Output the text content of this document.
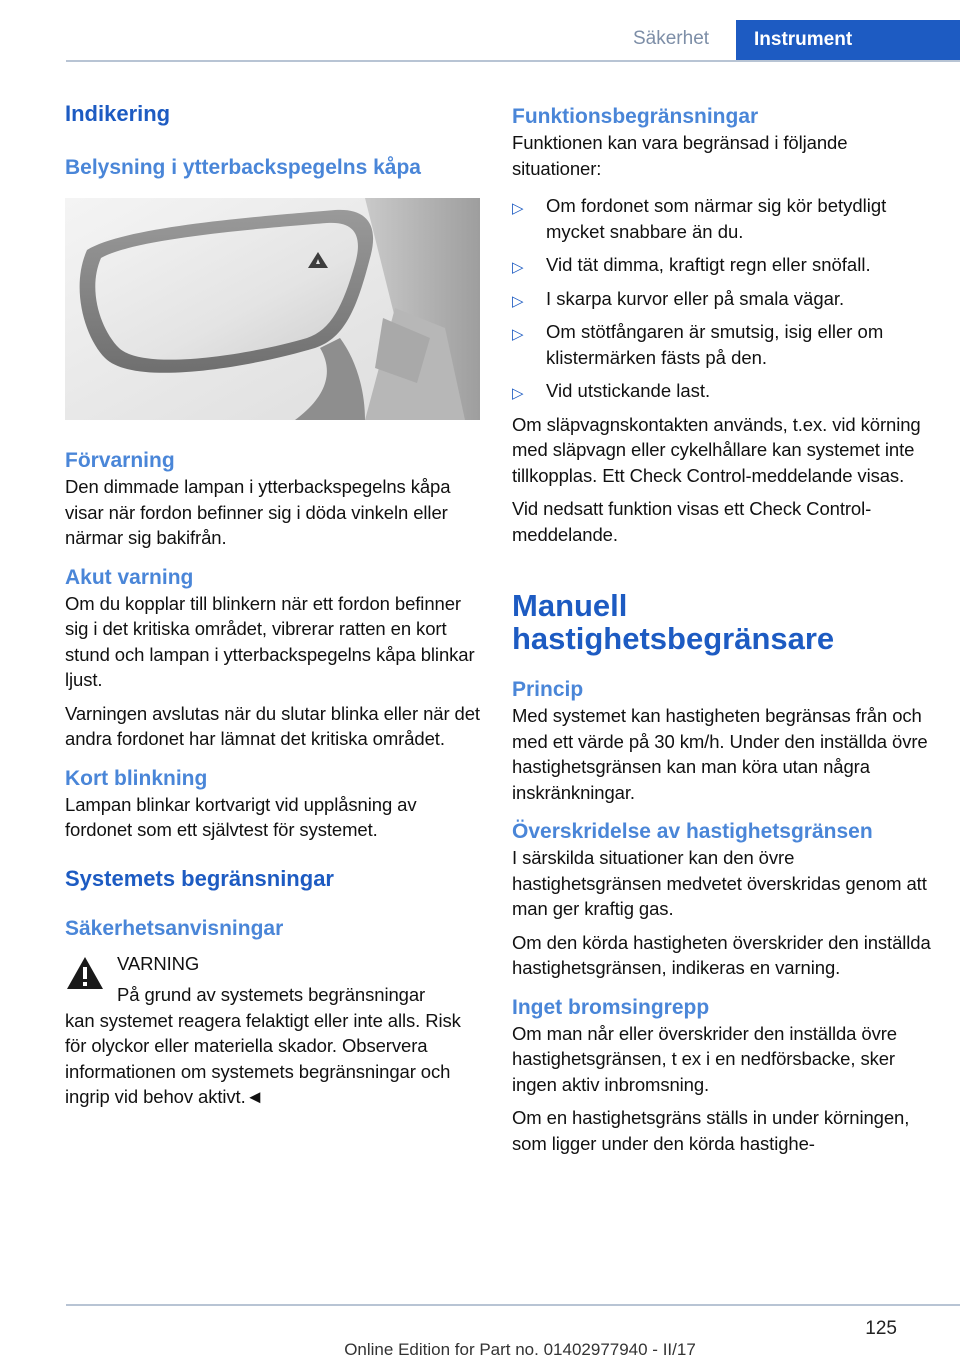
Säkerhet	Instrument
Indikering
Belysning i ytterbackspegelns kåpa
Förvarning
Den dimmade lampan i ytterbackspegelns kåpa visar när fordon befinner sig i döda vinkeln eller närmar sig bakifrån.
Akut varning
Om du kopplar till blinkern när ett fordon befinner sig i det kritiska området, vibrerar ratten en kort stund och lampan i ytterbackspegelns kåpa blinkar ljust.
Varningen avslutas när du slutar blinka eller när det andra fordonet har lämnat det kritiska området.
Kort blinkning
Lampan blinkar kortvarigt vid upplåsning av fordonet som ett självtest för systemet.
Systemets begränsningar
Säkerhetsanvisningar
VARNING
På grund av systemets begränsningar
kan systemet reagera felaktigt eller inte alls. Risk för olyckor eller materiella skador. Observera informationen om systemets begränsningar och ingrip vid behov aktivt.◄
Funktionsbegränsningar
Funktionen kan vara begränsad i följande situationer:
▷ Om fordonet som närmar sig kör betydligt mycket snabbare än du.
▷ Vid tät dimma, kraftigt regn eller snöfall.
▷ I skarpa kurvor eller på smala vägar.
▷ Om stötfångaren är smutsig, isig eller om klistermärken fästs på den.
▷ Vid utstickande last.
Om släpvagnskontakten används, t.ex. vid körning med släpvagn eller cykelhållare kan systemet inte tillkopplas. Ett Check Control-meddelande visas.
Vid nedsatt funktion visas ett Check Control-meddelande.
Manuell hastighetsbegränsare
Princip
Med systemet kan hastigheten begränsas från och med ett värde på 30 km/h. Under den inställda övre hastighetsgränsen kan man köra utan några inskränkningar.
Överskridelse av hastighetsgränsen
I särskilda situationer kan den övre hastighetsgränsen medvetet överskridas genom att man ger kraftig gas.
Om den körda hastigheten överskrider den inställda hastighetsgränsen, indikeras en varning.
Inget bromsingrepp
Om man når eller överskrider den inställda övre hastighetsgränsen, t ex i en nedförsbacke, sker ingen aktiv inbromsning.
Om en hastighetsgräns ställs in under körningen, som ligger under den körda hastighe-
125
Online Edition for Part no. 01402977940 - II/17
